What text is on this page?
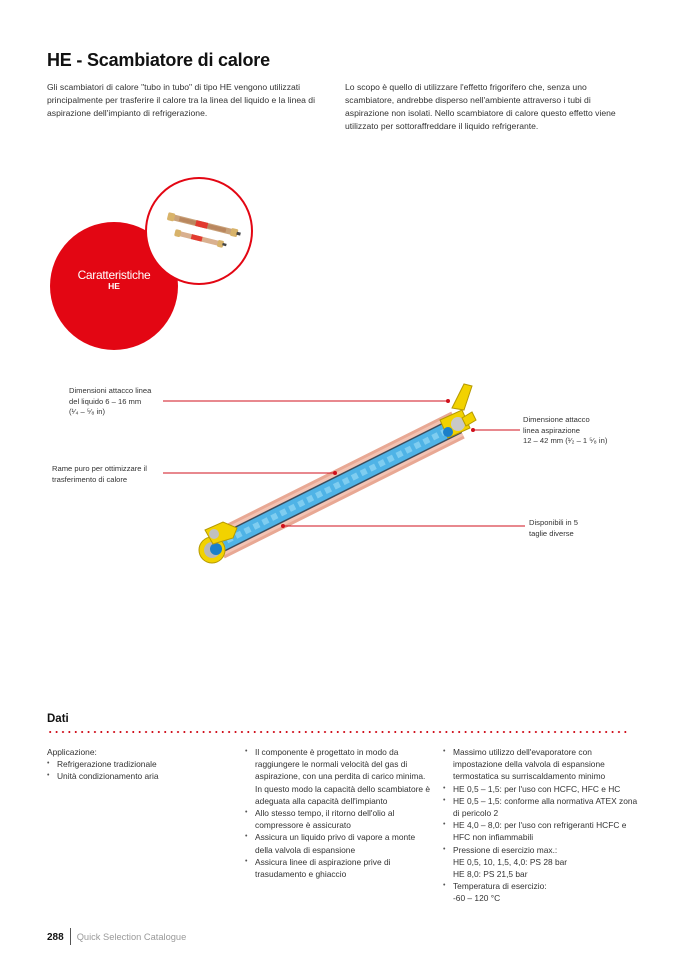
HE - Scambiatore di calore
Gli scambiatori di calore "tubo in tubo" di tipo HE vengono utilizzati principalmente per trasferire il calore tra la linea del liquido e la linea di aspirazione dell'impianto di refrigerazione.
Lo scopo è quello di utilizzare l'effetto frigorifero che, senza uno scambiatore, andrebbe disperso nell'ambiente attraverso i tubi di aspirazione non isolati. Nello scambiatore di calore questo effetto viene utilizzato per sottoraffreddare il liquido refrigerante.
Caratteristiche
HE
Dimensioni attacco linea
del liquido 6 – 16 mm
(¹⁄₄ – ⁵⁄₈ in)
Rame puro per ottimizzare il
trasferimento di calore
Dimensione attacco
linea aspirazione
12 – 42 mm (¹⁄₂ – 1 ⁵⁄₈ in)
Disponibili in 5
taglie diverse
Dati
Applicazione:
• Refrigerazione tradizionale
• Unità condizionamento aria
• Il componente è progettato in modo da raggiungere le normali velocità del gas di aspirazione, con una perdita di carico minima.
In questo modo la capacità dello scambiatore è adeguata alla capacità dell'impianto
• Allo stesso tempo, il ritorno dell'olio al compressore è assicurato
• Assicura un liquido privo di vapore a monte della valvola di espansione
• Assicura linee di aspirazione prive di trasudamento e ghiaccio
• Massimo utilizzo dell'evaporatore con impostazione della valvola di espansione termostatica su surriscaldamento minimo
• HE 0,5 – 1,5: per l'uso con HCFC, HFC e HC
• HE 0,5 – 1,5: conforme alla normativa ATEX zona di pericolo 2
• HE 4,0 – 8,0: per l'uso con refrigeranti HCFC e HFC non infiammabili
• Pressione di esercizio max.:
HE 0,5, 10, 1,5, 4,0: PS 28 bar
HE 8,0: PS 21,5 bar
• Temperatura di esercizio:
-60 – 120 °C
288 Quick Selection Catalogue
